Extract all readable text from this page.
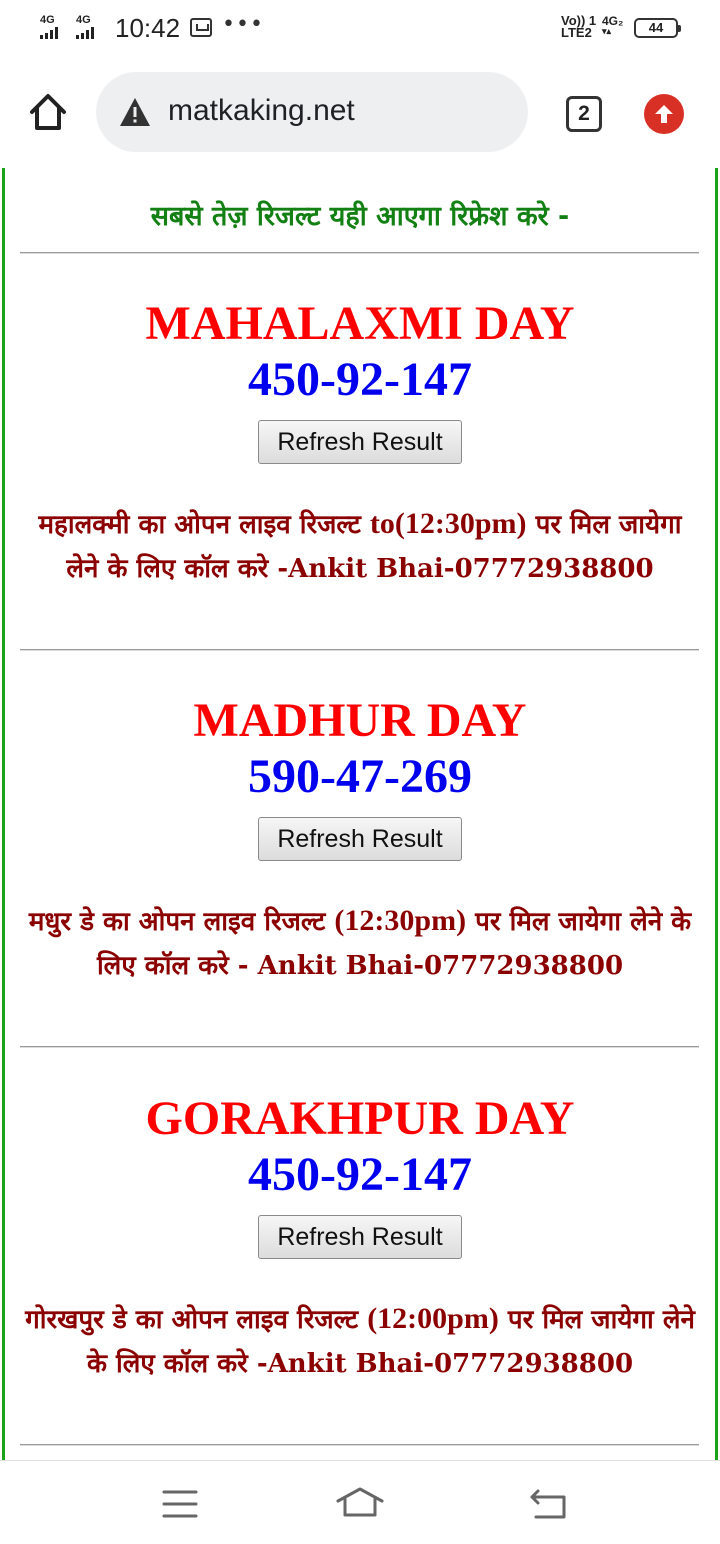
4G	4G 10:42 •••	Vo)) 1
LTE2
4G₂
▾▴	44
matkaking.net	2
सबसे तेज़ रिजल्ट यही आएगा रिफ्रेश करे -
MAHALAXMI DAY
450-92-147
Refresh Result
महालक्मी का ओपन लाइव रिजल्ट to(12:30pm) पर मिल जायेगा लेने के लिए कॉल करे -Ankit Bhai-07772938800
MADHUR DAY
590-47-269
Refresh Result
मधुर डे का ओपन लाइव रिजल्ट (12:30pm) पर मिल जायेगा लेने के लिए कॉल करे - Ankit Bhai-07772938800
GORAKHPUR DAY
450-92-147
Refresh Result
गोरखपुर डे का ओपन लाइव रिजल्ट (12:00pm) पर मिल जायेगा लेने के लिए कॉल करे -Ankit Bhai-07772938800
